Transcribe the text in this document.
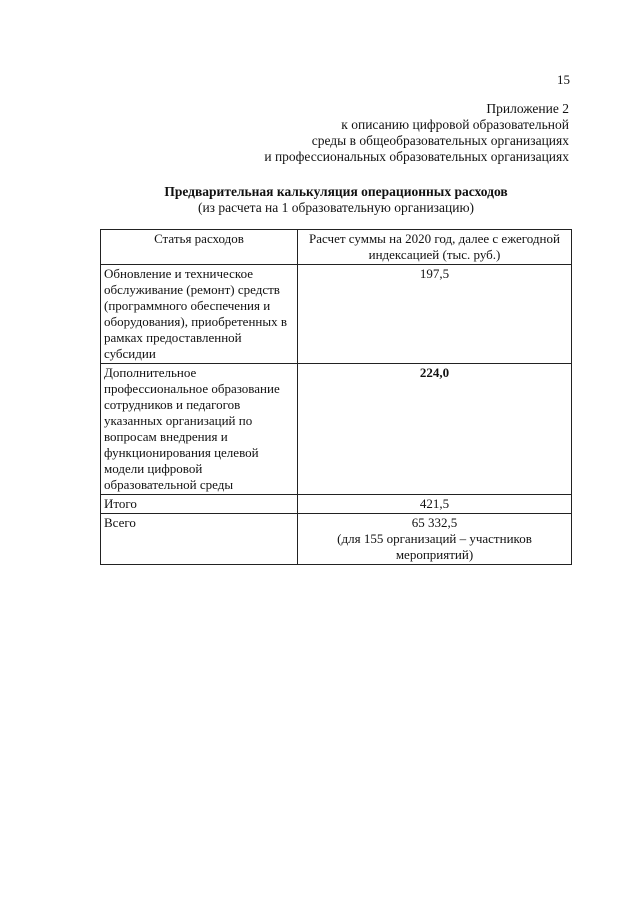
15
Приложение 2
к описанию цифровой образовательной
среды в общеобразовательных организациях
и профессиональных образовательных организациях
Предварительная калькуляция операционных расходов
(из расчета на 1 образовательную организацию)
Статья расходов	Расчет суммы на 2020 год, далее с ежегодной индексацией (тыс. руб.)
Обновление и техническое обслуживание (ремонт) средств (программного обеспечения и оборудования), приобретенных в рамках предоставленной субсидии	197,5
Дополнительное профессиональное образование сотрудников и педагогов указанных организаций по вопросам внедрения и функционирования целевой модели цифровой образовательной среды	224,0
Итого	421,5
Всего	65 332,5
(для 155 организаций – участников мероприятий)
